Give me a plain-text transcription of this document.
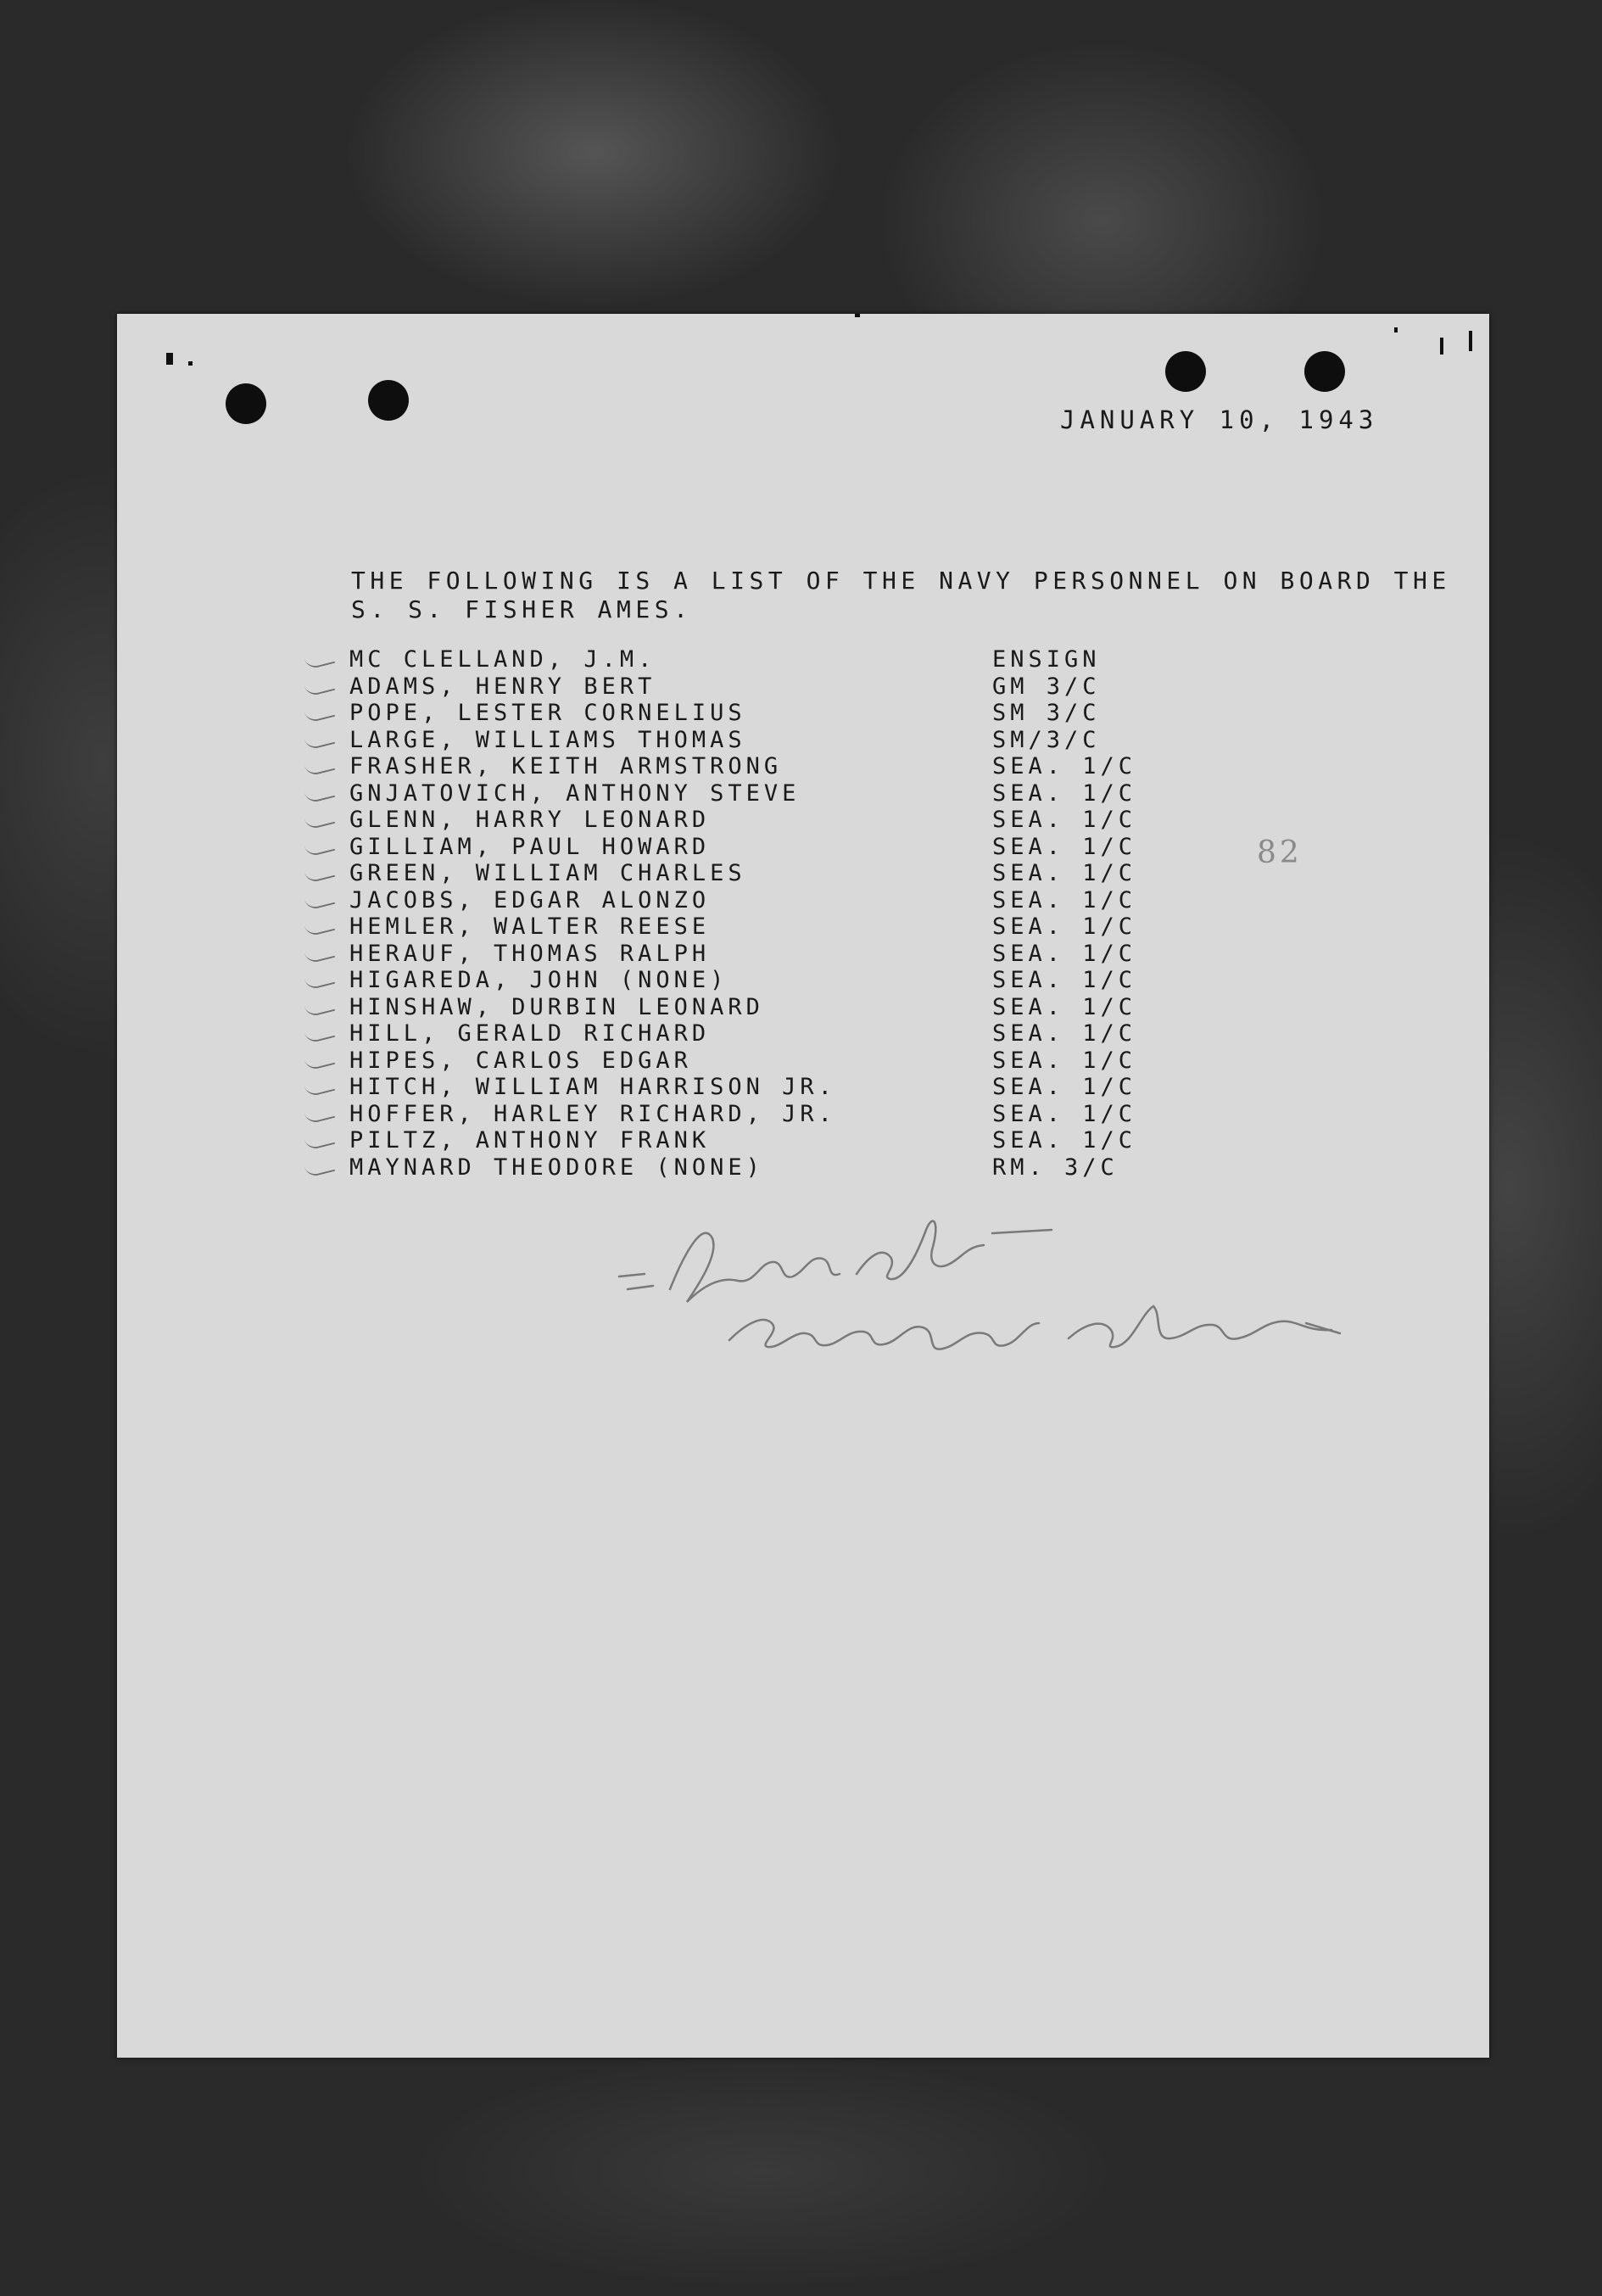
JANUARY 10, 1943
THE FOLLOWING IS A LIST OF THE NAVY PERSONNEL ON BOARD THE
S. S. FISHER AMES.
MC CLELLAND, J.M.	ENSIGN
ADAMS, HENRY BERT	GM 3/C
POPE, LESTER CORNELIUS	SM 3/C
LARGE, WILLIAMS THOMAS	SM/3/C
FRASHER, KEITH ARMSTRONG	SEA. 1/C
GNJATOVICH, ANTHONY STEVE	SEA. 1/C
GLENN, HARRY LEONARD	SEA. 1/C
GILLIAM, PAUL HOWARD	SEA. 1/C
GREEN, WILLIAM CHARLES	SEA. 1/C
JACOBS, EDGAR ALONZO	SEA. 1/C
HEMLER, WALTER REESE	SEA. 1/C
HERAUF, THOMAS RALPH	SEA. 1/C
HIGAREDA, JOHN (NONE)	SEA. 1/C
HINSHAW, DURBIN LEONARD	SEA. 1/C
HILL, GERALD RICHARD	SEA. 1/C
HIPES, CARLOS EDGAR	SEA. 1/C
HITCH, WILLIAM HARRISON JR.	SEA. 1/C
HOFFER, HARLEY RICHARD, JR.	SEA. 1/C
PILTZ, ANTHONY FRANK	SEA. 1/C
MAYNARD THEODORE (NONE)	RM. 3/C
82
